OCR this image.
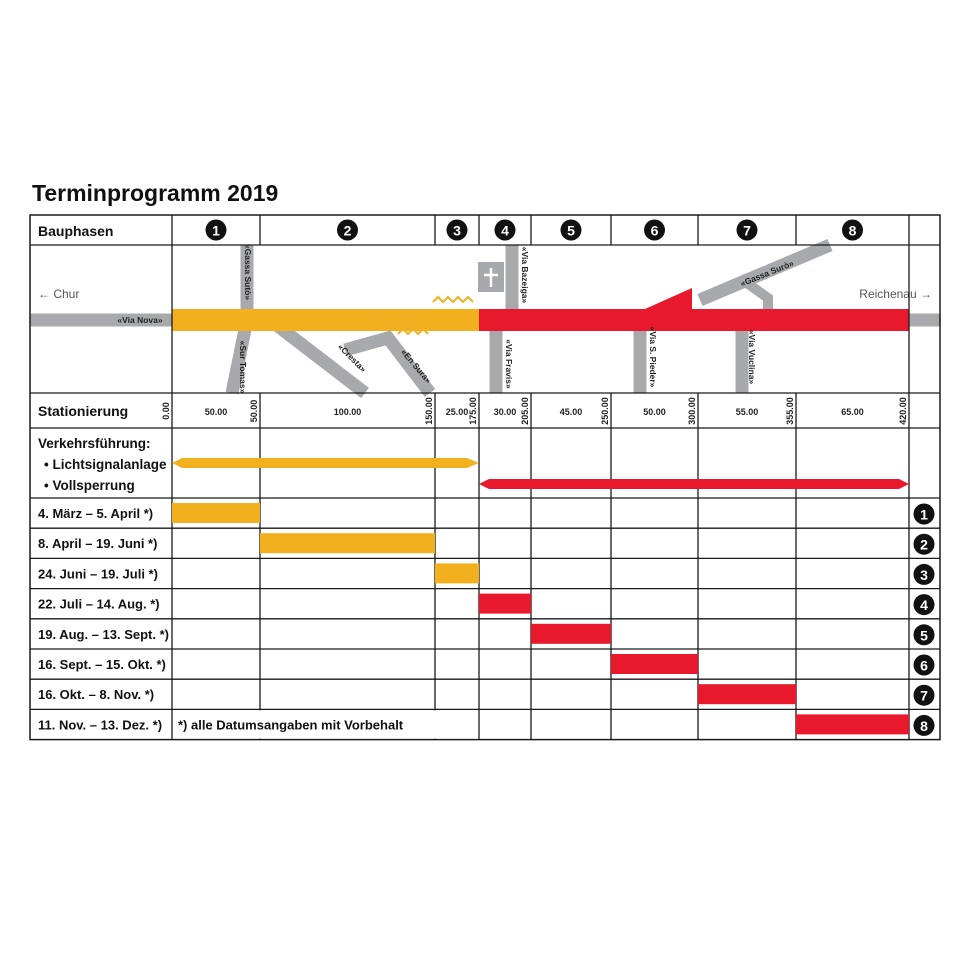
Terminprogramm 2019
«Via Nova»
«Gassa Sutò»
«Sur Tomas»	«Cresta»	«En Sura»
«Via Bazeiga»
«Via Fravis»	«Via S. Pieder»
«Gassa Surò»
«Via Vuclina»
← Chur	Reichenau →
Bauphasen	1	2	3	4	5	6	7	8
Stationierung	0.00	50.00	150.00	175.00	205.00	250.00	300.00	355.00	420.00
50.00	100.00	25.00	30.00	45.00	50.00	55.00	65.00
Verkehrsführung:
• Lichtsignalanlage
• Vollsperrung
4. März – 5. April *)	1
8. April – 19. Juni *)	2
24. Juni – 19. Juli *)	3
22. Juli – 14. Aug. *)	4
19. Aug. – 13. Sept. *)	5
16. Sept. – 15. Okt. *)	6
16. Okt. – 8. Nov. *)	7
11. Nov. – 13. Dez. *)	8
*) alle Datumsangaben mit Vorbehalt
